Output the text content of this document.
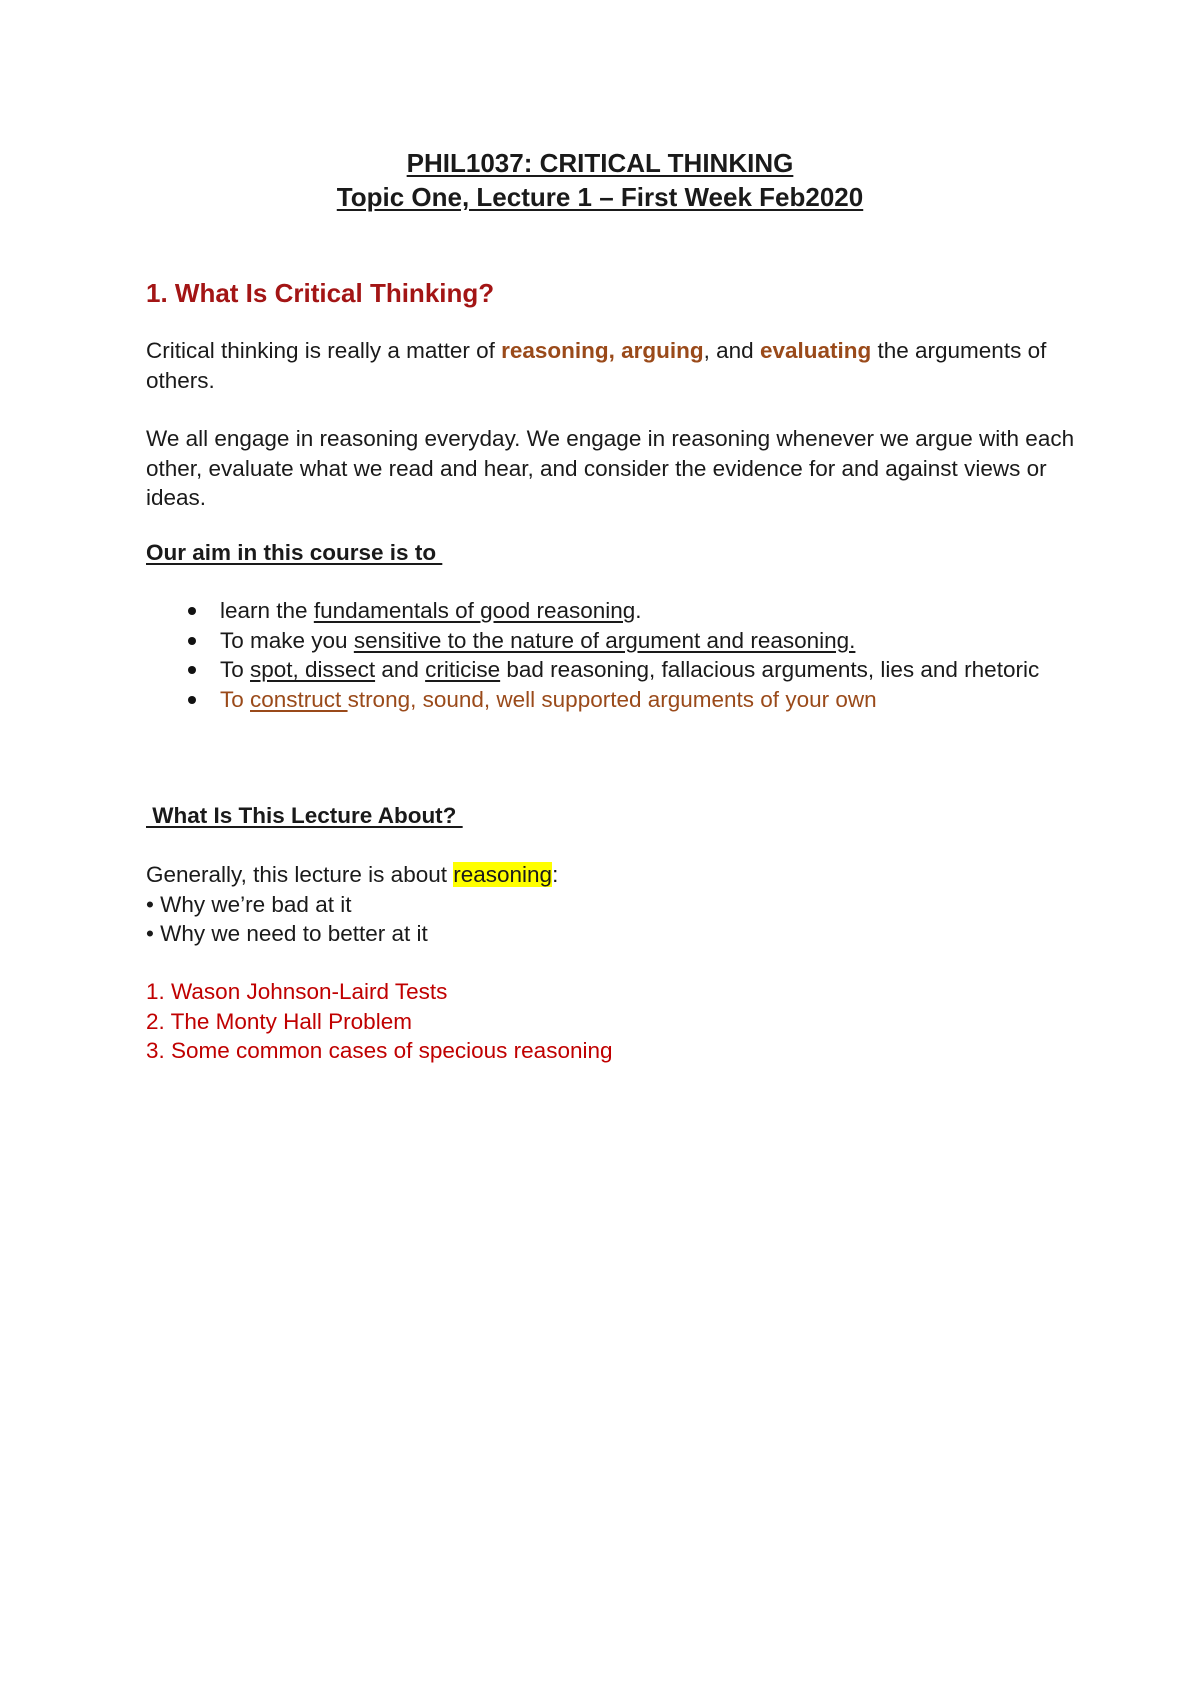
PHIL1037: CRITICAL THINKING
Topic One, Lecture 1 – First Week Feb2020
1. What Is Critical Thinking?
Critical thinking is really a matter of reasoning, arguing, and evaluating the arguments of others.
We all engage in reasoning everyday. We engage in reasoning whenever we argue with each other, evaluate what we read and hear, and consider the evidence for and against views or ideas.
Our aim in this course is to
learn the fundamentals of good reasoning.
To make you sensitive to the nature of argument and reasoning.
To spot, dissect and criticise bad reasoning, fallacious arguments, lies and rhetoric
To construct strong, sound, well supported arguments of your own
What Is This Lecture About?
Generally, this lecture is about reasoning:
• Why we’re bad at it
• Why we need to better at it
1. Wason Johnson-Laird Tests
2. The Monty Hall Problem
3. Some common cases of specious reasoning
